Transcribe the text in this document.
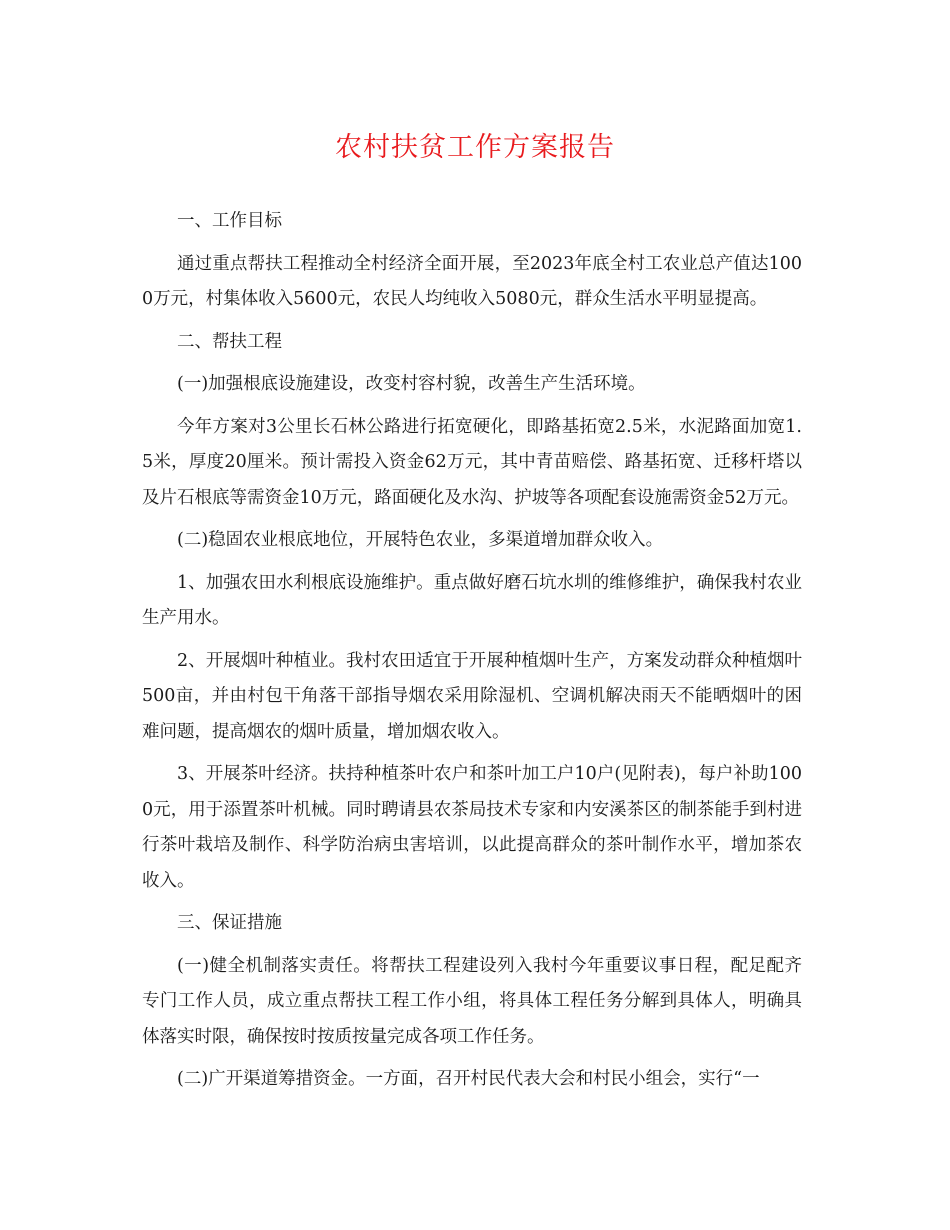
农村扶贫工作方案报告

一、工作目标

通过重点帮扶工程推动全村经济全面开展，至2023年底全村工农业总产值达1000万元，村集体收入5600元，农民人均纯收入5080元，群众生活水平明显提高。

二、帮扶工程

(一)加强根底设施建设，改变村容村貌，改善生产生活环境。

今年方案对3公里长石林公路进行拓宽硬化，即路基拓宽2.5米，水泥路面加宽1.5米，厚度20厘米。预计需投入资金62万元，其中青苗赔偿、路基拓宽、迁移杆塔以及片石根底等需资金10万元，路面硬化及水沟、护坡等各项配套设施需资金52万元。

(二)稳固农业根底地位，开展特色农业，多渠道增加群众收入。

1、加强农田水利根底设施维护。重点做好磨石坑水圳的维修维护，确保我村农业生产用水。

2、开展烟叶种植业。我村农田适宜于开展种植烟叶生产，方案发动群众种植烟叶500亩，并由村包干角落干部指导烟农采用除湿机、空调机解决雨天不能晒烟叶的困难问题，提高烟农的烟叶质量，增加烟农收入。

3、开展茶叶经济。扶持种植茶叶农户和茶叶加工户10户(见附表)，每户补助1000元，用于添置茶叶机械。同时聘请县农茶局技术专家和内安溪茶区的制茶能手到村进行茶叶栽培及制作、科学防治病虫害培训，以此提高群众的茶叶制作水平，增加茶农收入。

三、保证措施

(一)健全机制落实责任。将帮扶工程建设列入我村今年重要议事日程，配足配齐专门工作人员，成立重点帮扶工程工作小组，将具体工程任务分解到具体人，明确具体落实时限，确保按时按质按量完成各项工作任务。

(二)广开渠道筹措资金。一方面，召开村民代表大会和村民小组会，实行“一
